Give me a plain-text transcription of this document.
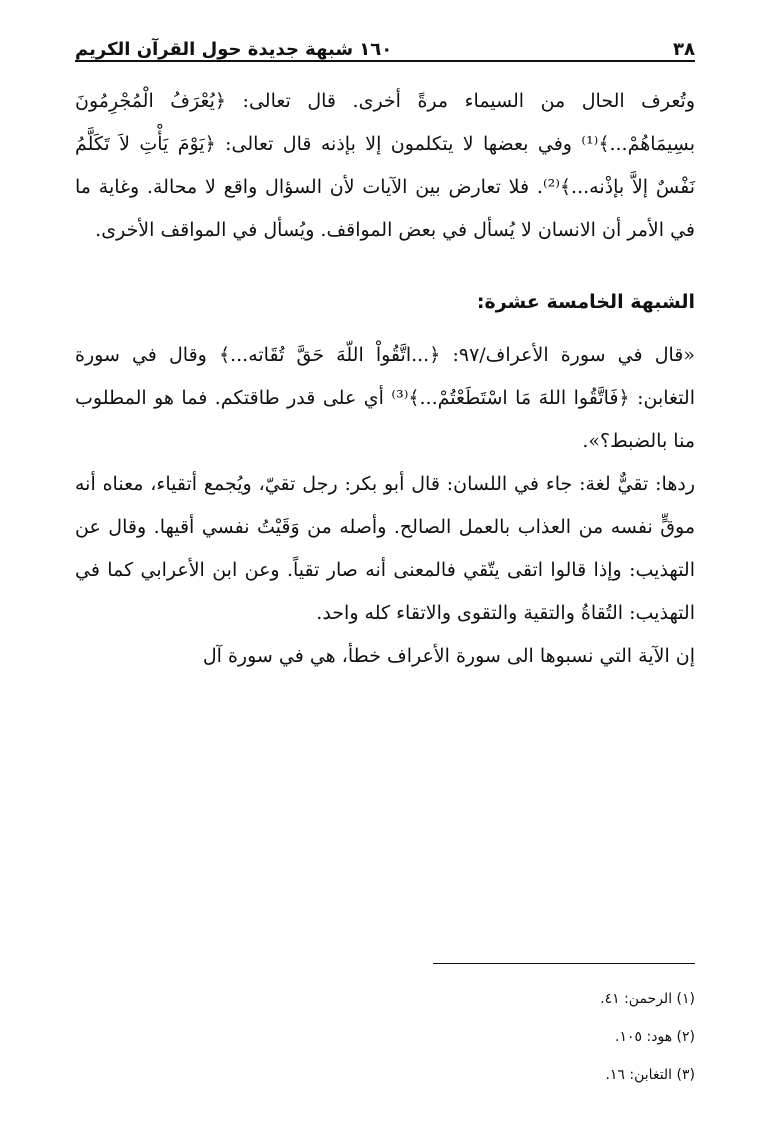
٣٨
١٦٠ شبهة جديدة حول القرآن الكريم

وتُعرف الحال من السيماء مرةً أخرى. قال تعالى: ﴿يُعْرَفُ الْمُجْرِمُونَ بسِيمَاهُمْ...﴾⁽¹⁾ وفي بعضها لا يتكلمون إلا بإذنه قال تعالى: ﴿يَوْمَ يَأْتِ لاَ تَكَلَّمُ نَفْسٌ إلاَّ بإذْنه...﴾⁽²⁾. فلا تعارض بين الآيات لأن السؤال واقع لا محالة. وغاية ما في الأمر أن الانسان لا يُسأل في بعض المواقف. ويُسأل في المواقف الأخرى.

الشبهة الخامسة عشرة:

«قال في سورة الأعراف/٩٧: ﴿...اتَّقُواْ اللّهَ حَقَّ تُقَاته...﴾ وقال في سورة التغابن: ﴿فَاتَّقُوا اللهَ مَا اسْتَطَعْتُمْ...﴾⁽³⁾ أي على قدر طاقتكم. فما هو المطلوب منا بالضبط؟».

ردها: تقيٌّ لغة: جاء في اللسان: قال أبو بكر: رجل تقيّ، ويُجمع أتقياء، معناه أنه موقٍّ نفسه من العذاب بالعمل الصالح. وأصله من وَقَيْتُ نفسي أقيها. وقال عن التهذيب: وإذا قالوا اتقى يتّقي فالمعنى أنه صار تقياً. وعن ابن الأعرابي كما في التهذيب: التُقاةُ والتقية والتقوى والاتقاء كله واحد.

إن الآية التي نسبوها الى سورة الأعراف خطأ، هي في سورة آل

(١) الرحمن: ٤١.
(٢) هود: ١٠٥.
(٣) التغابن: ١٦.
